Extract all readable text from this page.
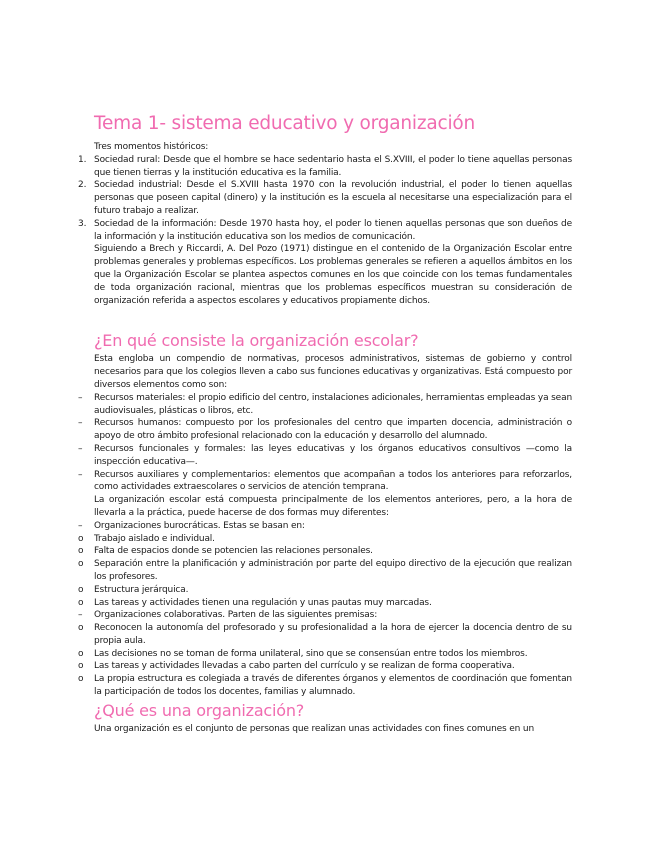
Tema 1- sistema educativo y organización

Tres momentos históricos:

1. Sociedad rural: Desde que el hombre se hace sedentario hasta el S.XVIII, el poder lo tiene aquellas personas que tienen tierras y la institución educativa es la familia.
2. Sociedad industrial: Desde el S.XVIII hasta 1970 con la revolución industrial, el poder lo tienen aquellas personas que poseen capital (dinero) y la institución es la escuela al necesitarse una especialización para el futuro trabajo a realizar.
3. Sociedad de la información: Desde 1970 hasta hoy, el poder lo tienen aquellas personas que son dueños de la información y la institución educativa son los medios de comunicación.

Siguiendo a Brech y Riccardi, A. Del Pozo (1971) distingue en el contenido de la Organización Escolar entre problemas generales y problemas específicos. Los problemas generales se refieren a aquellos ámbitos en los que la Organización Escolar se plantea aspectos comunes en los que coincide con los temas fundamentales de toda organización racional, mientras que los problemas específicos muestran su consideración de organización referida a aspectos escolares y educativos propiamente dichos.

¿En qué consiste la organización escolar?

Esta engloba un compendio de normativas, procesos administrativos, sistemas de gobierno y control necesarios para que los colegios lleven a cabo sus funciones educativas y organizativas. Está compuesto por diversos elementos como son:

– Recursos materiales: el propio edificio del centro, instalaciones adicionales, herramientas empleadas ya sean audiovisuales, plásticas o libros, etc.
– Recursos humanos: compuesto por los profesionales del centro que imparten docencia, administración o apoyo de otro ámbito profesional relacionado con la educación y desarrollo del alumnado.
– Recursos funcionales y formales: las leyes educativas y los órganos educativos consultivos —como la inspección educativa—.
– Recursos auxiliares y complementarios: elementos que acompañan a todos los anteriores para reforzarlos, como actividades extraescolares o servicios de atención temprana.

La organización escolar está compuesta principalmente de los elementos anteriores, pero, a la hora de llevarla a la práctica, puede hacerse de dos formas muy diferentes:

– Organizaciones burocráticas. Estas se basan en:
o Trabajo aislado e individual.
o Falta de espacios donde se potencien las relaciones personales.
o Separación entre la planificación y administración por parte del equipo directivo de la ejecución que realizan los profesores.
o Estructura jerárquica.
o Las tareas y actividades tienen una regulación y unas pautas muy marcadas.
– Organizaciones colaborativas. Parten de las siguientes premisas:
o Reconocen la autonomía del profesorado y su profesionalidad a la hora de ejercer la docencia dentro de su propia aula.
o Las decisiones no se toman de forma unilateral, sino que se consensúan entre todos los miembros.
o Las tareas y actividades llevadas a cabo parten del currículo y se realizan de forma cooperativa.
o La propia estructura es colegiada a través de diferentes órganos y elementos de coordinación que fomentan la participación de todos los docentes, familias y alumnado.
¿Qué es una organización?

Una organización es el conjunto de personas que realizan unas actividades con fines comunes en un
